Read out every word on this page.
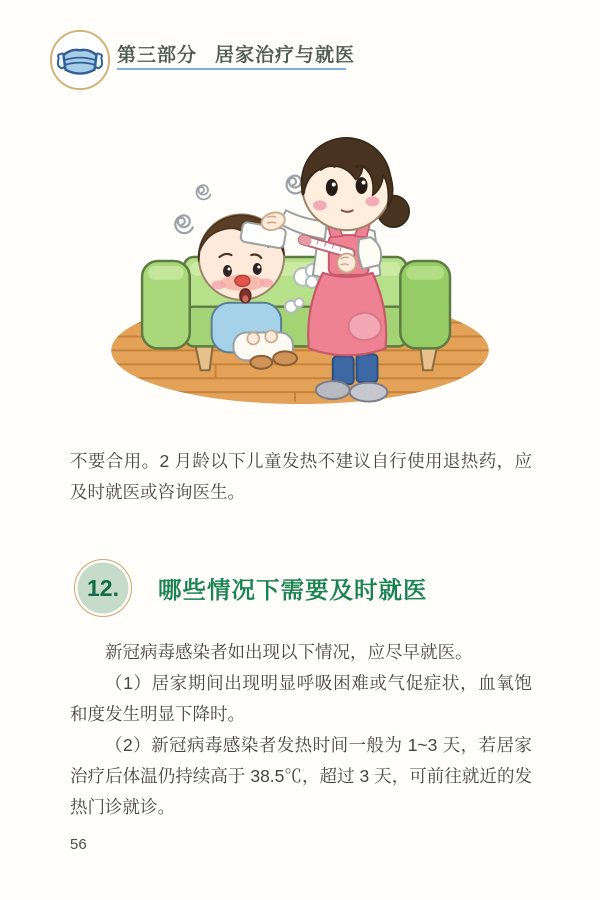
第三部分 居家治疗与就医

不要合用。2 月龄以下儿童发热不建议自行使用退热药，应及时就医或咨询医生。

12. 哪些情况下需要及时就医

新冠病毒感染者如出现以下情况，应尽早就医。

（1）居家期间出现明显呼吸困难或气促症状，血氧饱和度发生明显下降时。

（2）新冠病毒感染者发热时间一般为 1~3 天，若居家治疗后体温仍持续高于 38.5℃，超过 3 天，可前往就近的发热门诊就诊。

56
